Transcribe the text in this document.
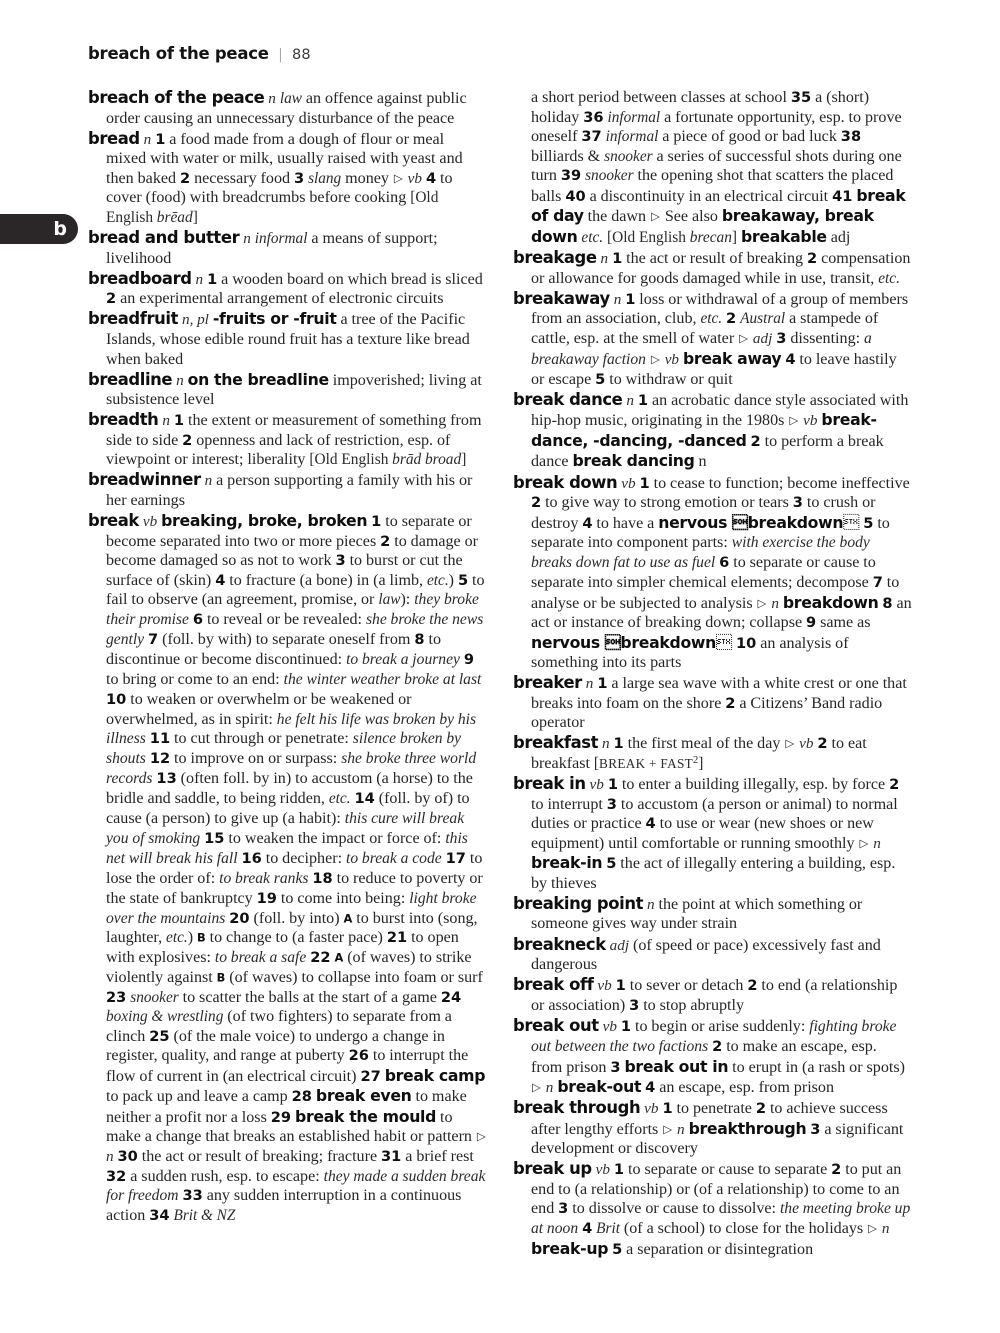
breach of the peace | 88
b

breach of the peace n law an offence against public order causing an unnecessary disturbance of the peace

bread n 1 a food made from a dough of flour or meal mixed with water or milk, usually raised with yeast and then baked 2 necessary food 3 slang money ▷ vb 4 to cover (food) with breadcrumbs before cooking [Old English brēad]

bread and butter n informal a means of support; livelihood

breadboard n 1 a wooden board on which bread is sliced 2 an experimental arrangement of electronic circuits

breadfruit n, pl -fruits or -fruit a tree of the Pacific Islands, whose edible round fruit has a texture like bread when baked

breadline n on the breadline impoverished; living at subsistence level

breadth n 1 the extent or measurement of something from side to side 2 openness and lack of restriction, esp. of viewpoint or interest; liberality [Old English brād broad]

breadwinner n a person supporting a family with his or her earnings

break vb breaking, broke, broken 1 to separate or become separated into two or more pieces 2 to damage or become damaged so as not to work 3 to burst or cut the surface of (skin) 4 to fracture (a bone) in (a limb, etc.) 5 to fail to observe (an agreement, promise, or law): they broke their promise 6 to reveal or be revealed: she broke the news gently 7 (foll. by with) to separate oneself from 8 to discontinue or become discontinued: to break a journey 9 to bring or come to an end: the winter weather broke at last 10 to weaken or overwhelm or be weakened or overwhelmed, as in spirit: he felt his life was broken by his illness 11 to cut through or penetrate: silence broken by shouts 12 to improve on or surpass: she broke three world records 13 (often foll. by in) to accustom (a horse) to the bridle and saddle, to being ridden, etc. 14 (foll. by of) to cause (a person) to give up (a habit): this cure will break you of smoking 15 to weaken the impact or force of: this net will break his fall 16 to decipher: to break a code 17 to lose the order of: to break ranks 18 to reduce to poverty or the state of bankruptcy 19 to come into being: light broke over the mountains 20 (foll. by into) A to burst into (song, laughter, etc.) B to change to (a faster pace) 21 to open with explosives: to break a safe 22 A (of waves) to strike violently against B (of waves) to collapse into foam or surf 23 snooker to scatter the balls at the start of a game 24 boxing & wrestling (of two fighters) to separate from a clinch 25 (of the male voice) to undergo a change in register, quality, and range at puberty 26 to interrupt the flow of current in (an electrical circuit) 27 break camp to pack up and leave a camp 28 break even to make neither a profit nor a loss 29 break the mould to make a change that breaks an established habit or pattern ▷ n 30 the act or result of breaking; fracture 31 a brief rest 32 a sudden rush, esp. to escape: they made a sudden break for freedom 33 any sudden interruption in a continuous action 34 Brit & NZ

a short period between classes at school 35 a (short) holiday 36 informal a fortunate opportunity, esp. to prove oneself 37 informal a piece of good or bad luck 38 billiards & snooker a series of successful shots during one turn 39 snooker the opening shot that scatters the placed balls 40 a discontinuity in an electrical circuit 41 break of day the dawn ▷ See also breakaway, break down etc. [Old English brecan] breakable adj

breakage n 1 the act or result of breaking 2 compensation or allowance for goods damaged while in use, transit, etc.

breakaway n 1 loss or withdrawal of a group of members from an association, club, etc. 2 Austral a stampede of cattle, esp. at the smell of water ▷ adj 3 dissenting: a breakaway faction ▷ vb break away 4 to leave hastily or escape 5 to withdraw or quit

break dance n 1 an acrobatic dance style associated with hip-hop music, originating in the 1980s ▷ vb break-dance, -dancing, -danced 2 to perform a break dance break dancing n

break down vb 1 to cease to function; become ineffective 2 to give way to strong emotion or tears 3 to crush or destroy 4 to have a nervous breakdown 5 to separate into component parts: with exercise the body breaks down fat to use as fuel 6 to separate or cause to separate into simpler chemical elements; decompose 7 to analyse or be subjected to analysis ▷ n breakdown 8 an act or instance of breaking down; collapse 9 same as nervous breakdown 10 an analysis of something into its parts

breaker n 1 a large sea wave with a white crest or one that breaks into foam on the shore 2 a Citizens’ Band radio operator

breakfast n 1 the first meal of the day ▷ vb 2 to eat breakfast [BREAK + $FAST^2$]

break in vb 1 to enter a building illegally, esp. by force 2 to interrupt 3 to accustom (a person or animal) to normal duties or practice 4 to use or wear (new shoes or new equipment) until comfortable or running smoothly ▷ n break-in 5 the act of illegally entering a building, esp. by thieves

breaking point n the point at which something or someone gives way under strain

breakneck adj (of speed or pace) excessively fast and dangerous

break off vb 1 to sever or detach 2 to end (a relationship or association) 3 to stop abruptly

break out vb 1 to begin or arise suddenly: fighting broke out between the two factions 2 to make an escape, esp. from prison 3 break out in to erupt in (a rash or spots) ▷ n break-out 4 an escape, esp. from prison

break through vb 1 to penetrate 2 to achieve success after lengthy efforts ▷ n breakthrough 3 a significant development or discovery

break up vb 1 to separate or cause to separate 2 to put an end to (a relationship) or (of a relationship) to come to an end 3 to dissolve or cause to dissolve: the meeting broke up at noon 4 Brit (of a school) to close for the holidays ▷ n break-up 5 a separation or disintegration
